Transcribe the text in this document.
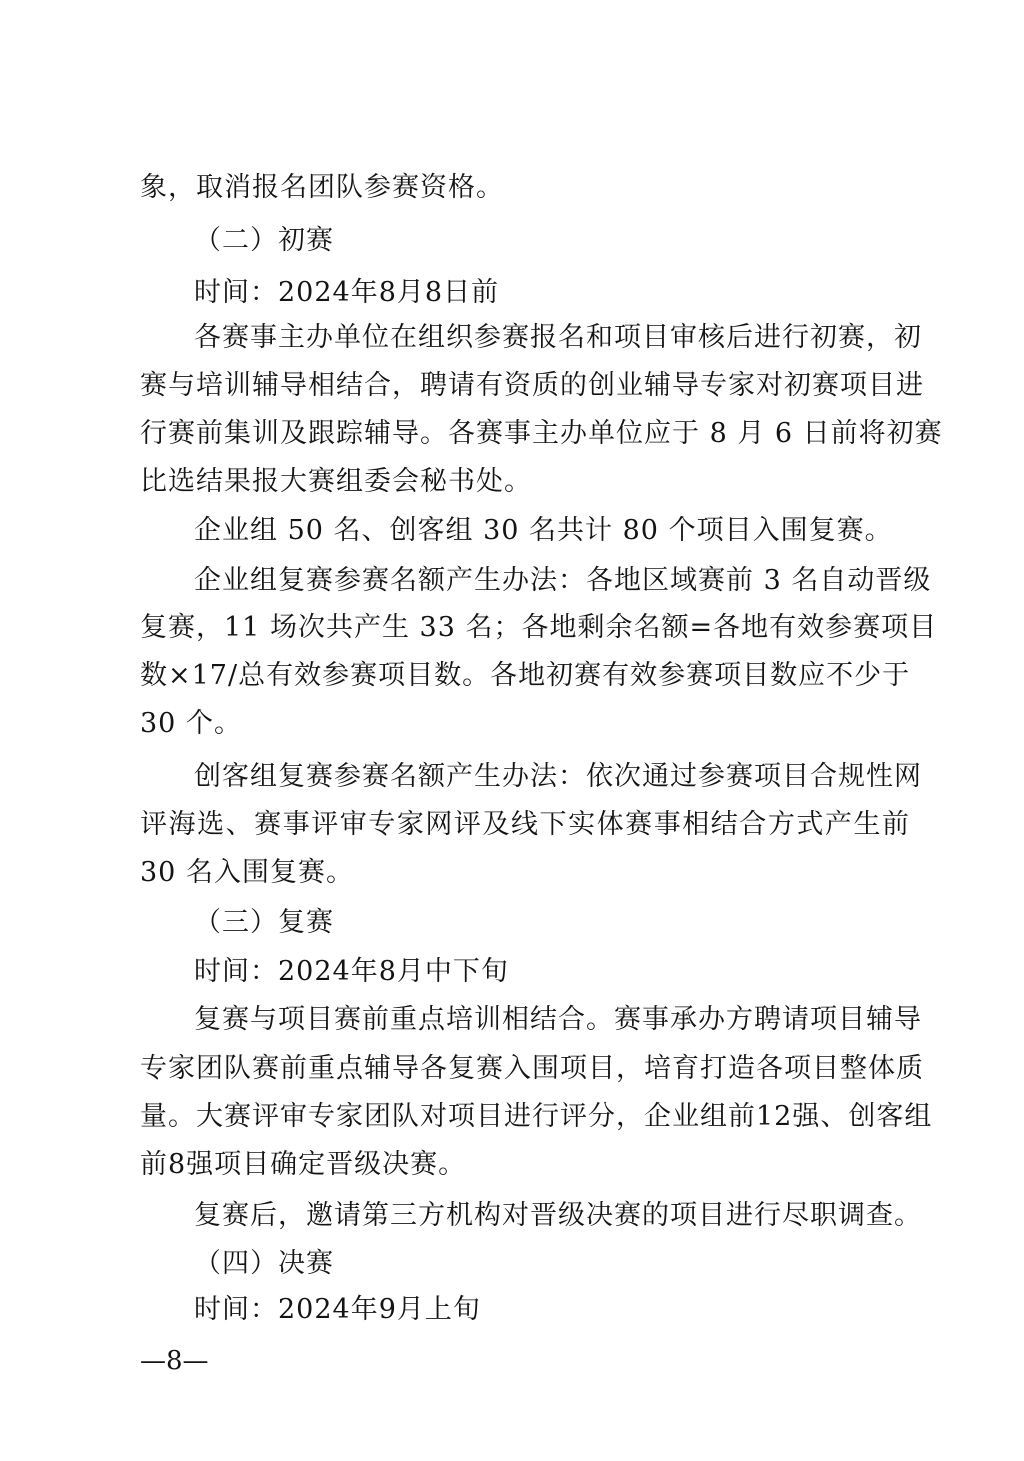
象，取消报名团队参赛资格。
（二）初赛
时间：2024年8月8日前
各赛事主办单位在组织参赛报名和项目审核后进行初赛，初
赛与培训辅导相结合，聘请有资质的创业辅导专家对初赛项目进
行赛前集训及跟踪辅导。各赛事主办单位应于 8 月 6 日前将初赛
比选结果报大赛组委会秘书处。
企业组 50 名、创客组 30 名共计 80 个项目入围复赛。
企业组复赛参赛名额产生办法：各地区域赛前 3 名自动晋级
复赛，11 场次共产生 33 名；各地剩余名额=各地有效参赛项目
数×17/总有效参赛项目数。各地初赛有效参赛项目数应不少于
30 个。
创客组复赛参赛名额产生办法：依次通过参赛项目合规性网
评海选、赛事评审专家网评及线下实体赛事相结合方式产生前
30 名入围复赛。
（三）复赛
时间：2024年8月中下旬
复赛与项目赛前重点培训相结合。赛事承办方聘请项目辅导
专家团队赛前重点辅导各复赛入围项目，培育打造各项目整体质
量。大赛评审专家团队对项目进行评分，企业组前12强、创客组
前8强项目确定晋级决赛。
复赛后，邀请第三方机构对晋级决赛的项目进行尽职调查。
（四）决赛
时间：2024年9月上旬
—8—
